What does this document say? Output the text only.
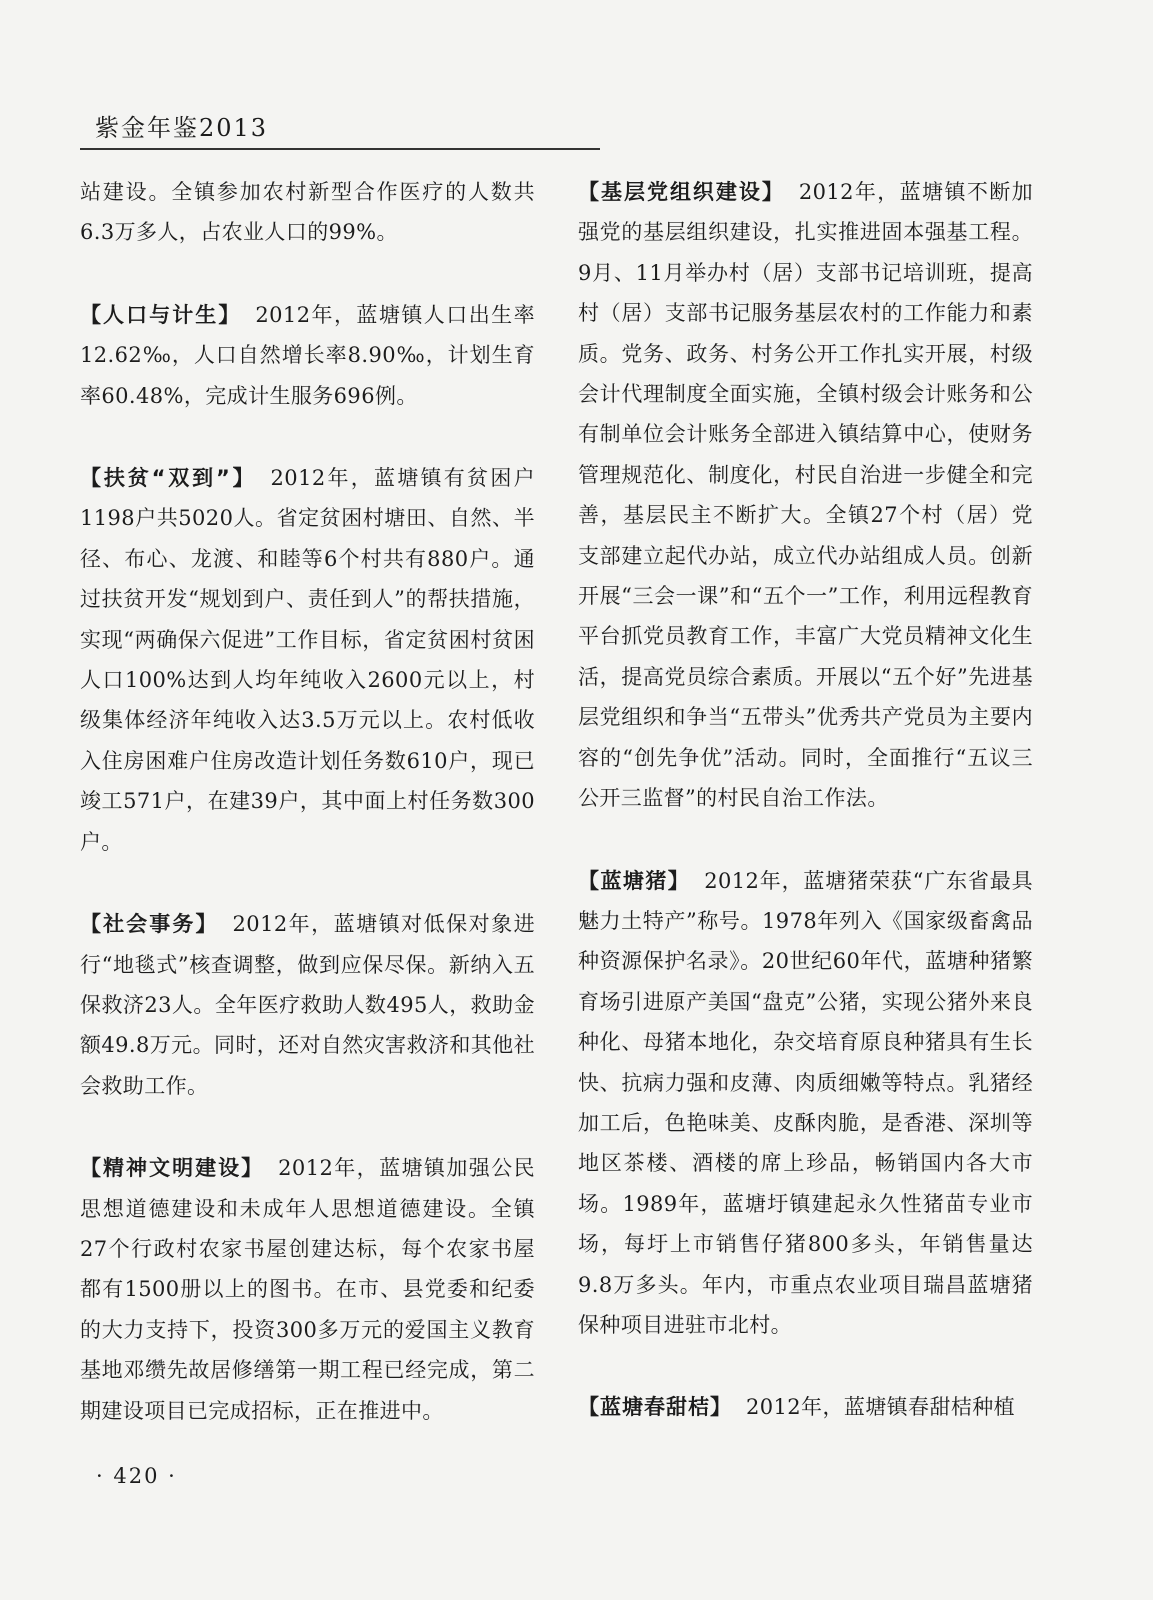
紫金年鉴2013

站建设。全镇参加农村新型合作医疗的人数共6.3万多人，占农业人口的99%。

【人口与计生】 2012年，蓝塘镇人口出生率12.62‰，人口自然增长率8.90‰，计划生育率60.48%，完成计生服务696例。

【扶贫“双到”】 2012年，蓝塘镇有贫困户1198户共5020人。省定贫困村塘田、自然、半径、布心、龙渡、和睦等6个村共有880户。通过扶贫开发“规划到户、责任到人”的帮扶措施，实现“两确保六促进”工作目标，省定贫困村贫困人口100%达到人均年纯收入2600元以上，村级集体经济年纯收入达3.5万元以上。农村低收入住房困难户住房改造计划任务数610户，现已竣工571户，在建39户，其中面上村任务数300户。

【社会事务】 2012年，蓝塘镇对低保对象进行“地毯式”核查调整，做到应保尽保。新纳入五保救济23人。全年医疗救助人数495人，救助金额49.8万元。同时，还对自然灾害救济和其他社会救助工作。

【精神文明建设】 2012年，蓝塘镇加强公民思想道德建设和未成年人思想道德建设。全镇27个行政村农家书屋创建达标，每个农家书屋都有1500册以上的图书。在市、县党委和纪委的大力支持下，投资300多万元的爱国主义教育基地邓缵先故居修缮第一期工程已经完成，第二期建设项目已完成招标，正在推进中。

【基层党组织建设】 2012年，蓝塘镇不断加强党的基层组织建设，扎实推进固本强基工程。9月、11月举办村（居）支部书记培训班，提高村（居）支部书记服务基层农村的工作能力和素质。党务、政务、村务公开工作扎实开展，村级会计代理制度全面实施，全镇村级会计账务和公有制单位会计账务全部进入镇结算中心，使财务管理规范化、制度化，村民自治进一步健全和完善，基层民主不断扩大。全镇27个村（居）党支部建立起代办站，成立代办站组成人员。创新开展“三会一课”和“五个一”工作，利用远程教育平台抓党员教育工作，丰富广大党员精神文化生活，提高党员综合素质。开展以“五个好”先进基层党组织和争当“五带头”优秀共产党员为主要内容的“创先争优”活动。同时，全面推行“五议三公开三监督”的村民自治工作法。

【蓝塘猪】 2012年，蓝塘猪荣获“广东省最具魅力土特产”称号。1978年列入《国家级畜禽品种资源保护名录》。20世纪60年代，蓝塘种猪繁育场引进原产美国“盘克”公猪，实现公猪外来良种化、母猪本地化，杂交培育原良种猪具有生长快、抗病力强和皮薄、肉质细嫩等特点。乳猪经加工后，色艳味美、皮酥肉脆，是香港、深圳等地区茶楼、酒楼的席上珍品，畅销国内各大市场。1989年，蓝塘圩镇建起永久性猪苗专业市场，每圩上市销售仔猪800多头，年销售量达9.8万多头。年内，市重点农业项目瑞昌蓝塘猪保种项目进驻市北村。

【蓝塘春甜桔】 2012年，蓝塘镇春甜桔种植

· 420 ·
